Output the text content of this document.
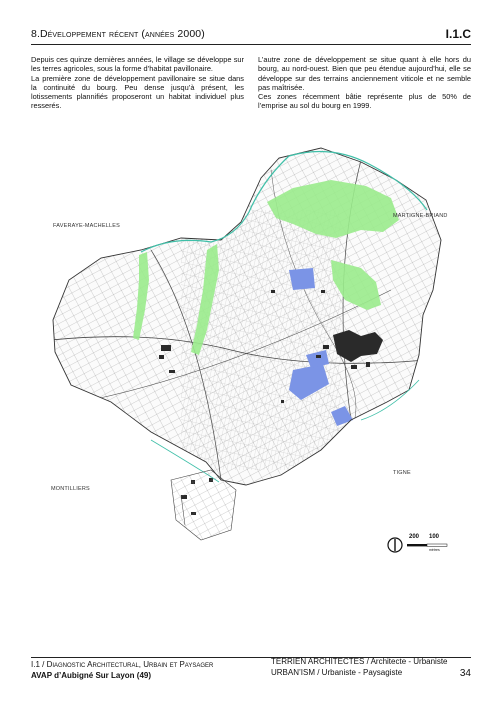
8.Développement récent (années 2000)	I.1.C

Depuis ces quinze dernières années, le village se développe sur les terres agricoles, sous la forme d’habitat pavillonaire.

La première zone de développement pavillonaire se situe dans la continuité du bourg. Peu dense jusqu’à présent, les lotissements plannifiés proposeront un habitat individuel plus resserés.

L’autre zone de développement se situe quant à elle hors du bourg, au nord-ouest. Bien que peu étendue aujourd’hui, elle se développe sur des terrains anciennement viticole et ne semble pas maîtrisée.

Ces zones récemment bâtie représente plus de 50% de l’emprise au sol du bourg en 1999.

FAVERAYE-MACHELLES
MARTIGNE-BRIAND
TIGNE
MONTILLIERS
200 100
mètres
I.1 / Diagnostic Architectural, Urbain et Paysager
AVAP d’Aubigné Sur Layon (49)
TERRIEN ARCHITECTES / Architecte - Urbaniste
URBAN’ISM / Urbaniste - Paysagiste	34
